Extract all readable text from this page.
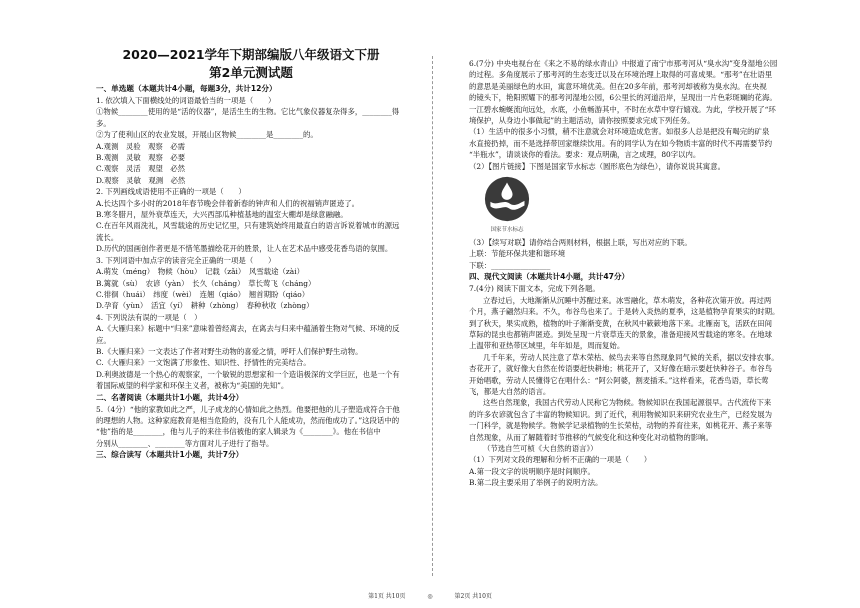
2020—2021学年下期部编版八年级语文下册
第2单元测试题
一、单选题（本题共计4小题，每题3分，共计12分）
1. 依次填入下面横线处的词语最恰当的一项是（　　）
①物候________使用的是“活的仪器”，是活生生的生物。它比气象仪器复杂得多，________得
多。
②为了使利山区的农业发展，开展山区物候________是________的。
A.观测　灵验　观察　必需
B.观测　灵敏　观察　必要
C.观察　灵活　观望　必然
D.观察　灵敏　观测　必然
2. 下列画线成语使用不正确的一项是（　　）
A.长达四个多小时的2018年春节晚会伴着新春的钟声和人们的祝福销声匿迹了。
B.寒冬腊月，屋外衰草连天，大兴西部瓜种植基地的温室大棚却是绿意融融。
C.在百年风雨洗礼，风雪载途的历史记忆里，只有建筑始终用最直白的语言诉说着城市的源远
流长。
D.历代的国画创作者更是不惜笔墨描绘花开的胜景，让人在艺术品中感受花香鸟语的氛围。
3. 下列词语中加点字的读音完全正确的一项是（　　）
A.萌发（méng）　物候（hòu）　记载（zǎi）　风雪载途（zài）
B.篱就（sù）　农谚（yàn）　长久（cháng）　草长莺飞（cháng）
C.徘徊（huái）　纬度（wèi）　连翘（qiáo）　翘首期盼（qiáo）
D.孕育（yùn）　活宜（yí）　耕种（zhòng）　春种秋收（zhòng）
4. 下列说法有误的一项是（　）
A.《大雁归来》标题中“归来”意味着曾经离去，在离去与归来中蕴涵着生物对气候、环境的反
应。
B.《大雁归来》一文表达了作者对野生动物的喜爱之情，呼吁人们保护野生动物。
C.《大雁归来》一文饱满了形象性、知识性、抒情性的完美结合。
D.利奥波德是一个热心的观察家，一个敏锐的思想家和一个造诣极深的文学巨匠，也是一个有
着国际威望的科学家和环保主义者，被称为“美国的先知”。
二、名著阅读（本题共计1小题，共计4分）
5.（4分）“他的家教如此之严，儿子成龙的心情如此之热烈。他要把他的儿子塑造成符合于他
的理想的人物。这种家庭教育是相当危险的，没有几个人能成功，然而他成功了。”这段话中的
“他”指的是________，他与儿子的来往书信被他的家人辑录为《________》。他在书信中
分别从________、________等方面对儿子进行了指导。
三、综合读写（本题共计1小题，共计7分）
6.(7分) 中央电视台在《来之不易的绿水青山》中报道了南宁市那考河从“臭水沟”变身湿地公园
的过程。多角度展示了那考河的生态变迁以及在环境治理上取得的可喜成果。“那考”在壮语里
的意思是美丽绿色的水田，寓意环境优美。但在20多年前，那考河却被称为臭水沟。在央视
的镜头下，艳阳照耀下的那考河湿地公园，6公里长的河道沿岸，呈现出一片色彩斑斓的花海。
一江碧水蜿蜒流向远处，水底，小鱼畅游其中，不时在水草中穿行嬉戏。为此，学校开展了“环
境保护，从身边小事做起”的主题活动，请你按照要求完成下列任务。
（1）生活中的很多小习惯，稍不注意就会对环境造成危害。如很多人总是把没有喝完的矿泉
水直接扔掉，而不是选择带回家继续饮用。有的同学认为在如今物质丰富的时代不再需要节约
“半瓶水”，请谈谈你的看法。要求：观点明确，言之成理，80字以内。
（2）【图片链接】下图是国家节水标志（圆形底色为绿色），请你说说其寓意。
国家节水标志
（3）【续写对联】请你结合两则材料，根据上联，写出对应的下联。
上联：节能环保共建和谐环境
下联：________________
四、现代文阅读（本题共计4小题，共计47分）
7.(4分) 阅读下面文本，完成下列各题。
立春过后，大地渐渐从沉睡中苏醒过来。冰雪融化，草木萌发，各种花次第开放。再过两
个月，燕子翩然归来。不久，布谷鸟也来了。于是转入炎热的夏季，这是植物孕育果实的时期。
到了秋天，果实成熟，植物的叶子渐渐变黄，在秋风中簌簌地落下来。北雁南飞，活跃在田间
草际的昆虫也都销声匿迹。到处呈现一片衰草连天的景象，准备迎接风雪载途的寒冬。在地球
上温带和亚热带区域里，年年如是，周而复始。
几千年来，劳动人民注意了草木荣枯、候鸟去来等自然现象同气候的关系，据以安排农事。
杏花开了，就好像大自然在传语要赶快耕地；桃花开了，又好像在暗示要赶快种谷子。布谷鸟
开始唱歌，劳动人民懂得它在唱什么：“阿公阿婆，割麦插禾。”这样看来，花香鸟语，草长莺
飞，都是大自然的语言。
这些自然现象，我国古代劳动人民称它为物候。物候知识在我国起源很早。古代流传下来
的许多农谚就包含了丰富的物候知识。到了近代，利用物候知识来研究农业生产，已经发展为
一门科学，就是物候学。物候学记录植物的生长荣枯，动物的养育往来，如桃花开、燕子来等
自然现象，从而了解随着时节推移的气候变化和这种变化对动植物的影响。
（节选自竺可桢《大自然的语言》）
（1）下列对文段的理解和分析不正确的一项是（　　）
A.第一段文字的说明顺序是时间顺序。
B.第二段主要采用了举例子的说明方法。
第1页 共10页	◎	第2页 共10页
